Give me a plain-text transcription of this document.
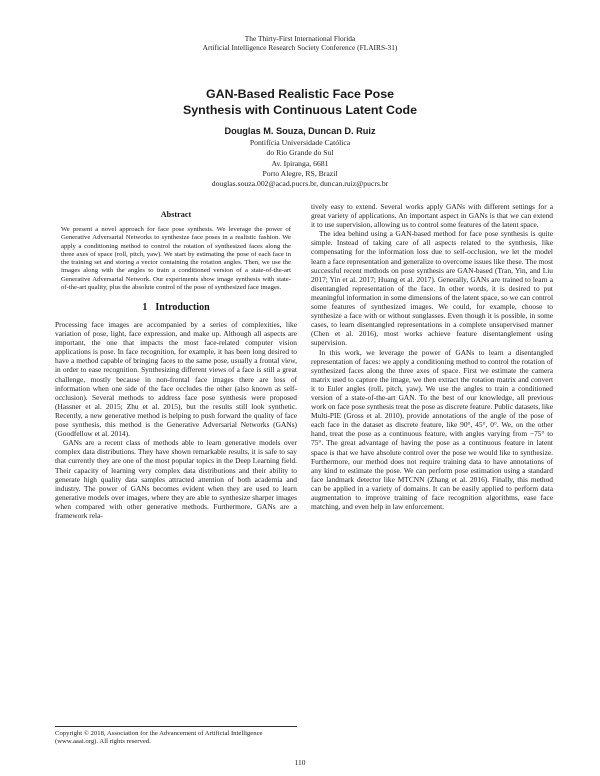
The Thirty-First International Florida
Artificial Intelligence Research Society Conference (FLAIRS-31)
GAN-Based Realistic Face Pose
Synthesis with Continuous Latent Code
Douglas M. Souza, Duncan D. Ruiz
Pontifícia Universidade Católica
do Rio Grande do Sul
Av. Ipiranga, 6681
Porto Alegre, RS, Brazil
douglas.souza.002@acad.pucrs.br, duncan.ruiz@pucrs.br
Abstract

We present a novel approach for face pose synthesis. We leverage the power of Generative Adversarial Networks to synthesize face poses in a realistic fashion. We apply a conditioning method to control the rotation of synthesized faces along the three axes of space (roll, pitch, yaw). We start by estimating the pose of each face in the training set and storing a vector containing the rotation angles. Then, we use the images along with the angles to train a conditioned version of a state-of-the-art Generative Adversarial Network. Our experiments show image synthesis with state-of-the-art quality, plus the absolute control of the pose of synthesized face images.

1 Introduction

Processing face images are accompanied by a series of complexities, like variation of pose, light, face expression, and make up. Although all aspects are important, the one that impacts the most face-related computer vision applications is pose. In face recognition, for example, it has been long desired to have a method capable of bringing faces to the same pose, usually a frontal view, in order to ease recognition. Synthesizing different views of a face is still a great challenge, mostly because in non-frontal face images there are loss of information when one side of the face occludes the other (also known as self-occlusion). Several methods to address face pose synthesis were proposed (Hassner et al. 2015; Zhu et al. 2015), but the results still look synthetic. Recently, a new generative method is helping to push forward the quality of face pose synthesis, this method is the Generative Adversarial Networks (GANs) (Goodfellow et al. 2014).

GANs are a recent class of methods able to learn generative models over complex data distributions. They have shown remarkable results, it is safe to say that currently they are one of the most popular topics in the Deep Learning field. Their capacity of learning very complex data distributions and their ability to generate high quality data samples attracted attention of both academia and industry. The power of GANs becomes evident when they are used to learn generative models over images, where they are able to synthesize sharper images when compared with other generative methods. Furthermore, GANs are a framework rela-

tively easy to extend. Several works apply GANs with different settings for a great variety of applications. An important aspect in GANs is that we can extend it to use supervision, allowing us to control some features of the latent space.

The idea behind using a GAN-based method for face pose synthesis is quite simple. Instead of taking care of all aspects related to the synthesis, like compensating for the information loss due to self-occlusion, we let the model learn a face representation and generalize to overcome issues like these. The most successful recent methods on pose synthesis are GAN-based (Tran, Yin, and Liu 2017; Yin et al. 2017; Huang et al. 2017). Generally, GANs are trained to learn a disentangled representation of the face. In other words, it is desired to put meaningful information in some dimensions of the latent space, so we can control some features of synthesized images. We could, for example, choose to synthesize a face with or without sunglasses. Even though it is possible, in some cases, to learn disentangled representations in a complete unsupervised manner (Chen et al. 2016), most works achieve feature disentanglement using supervision.

In this work, we leverage the power of GANs to learn a disentangled representation of faces: we apply a conditioning method to control the rotation of synthesized faces along the three axes of space. First we estimate the camera matrix used to capture the image, we then extract the rotation matrix and convert it to Euler angles (roll, pitch, yaw). We use the angles to train a conditioned version of a state-of-the-art GAN. To the best of our knowledge, all previous work on face pose synthesis treat the pose as discrete feature. Public datasets, like Multi-PIE (Gross et al. 2010), provide annotations of the angle of the pose of each face in the dataset as discrete feature, like 90°, 45°, 0°. We, on the other hand, treat the pose as a continuous feature, with angles varying from −75° to 75°. The great advantage of having the pose as a continuous feature in latent space is that we have absolute control over the pose we would like to synthesize. Furthermore, our method does not require training data to have annotations of any kind to estimate the pose. We can perform pose estimation using a standard face landmark detector like MTCNN (Zhang et al. 2016). Finally, this method can be applied in a variety of domains. It can be easily applied to perform data augmentation to improve training of face recognition algorithms, ease face matching, and even help in law enforcement.

Copyright © 2018, Association for the Advancement of Artificial Intelligence (www.aaai.org). All rights reserved.
110
